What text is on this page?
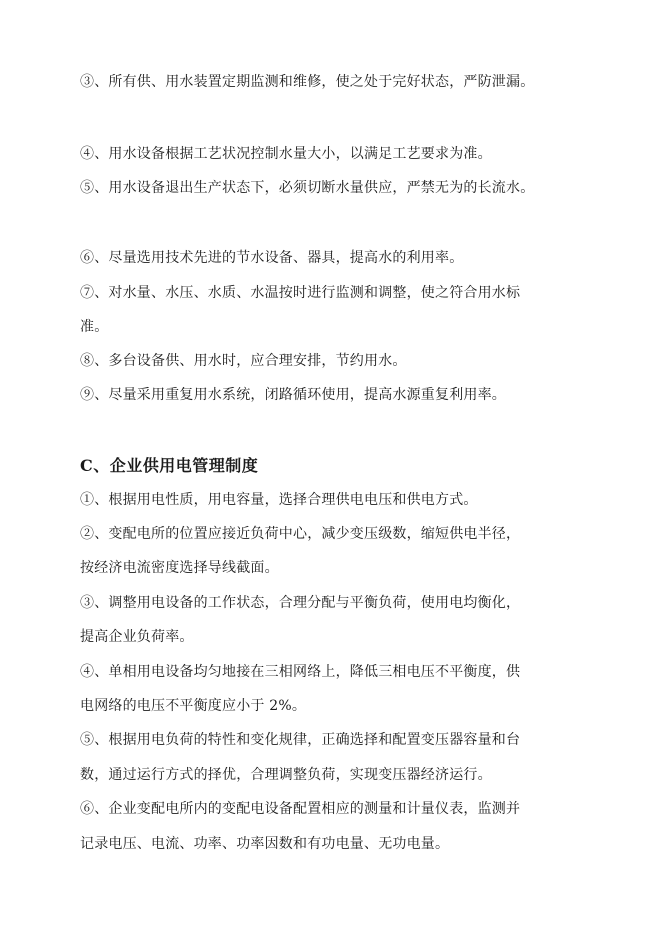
③、所有供、用水装置定期监测和维修，使之处于完好状态，严防泄漏。
④、用水设备根据工艺状况控制水量大小，以满足工艺要求为准。
⑤、用水设备退出生产状态下，必须切断水量供应，严禁无为的长流水。
⑥、尽量选用技术先进的节水设备、器具，提高水的利用率。
⑦、对水量、水压、水质、水温按时进行监测和调整，使之符合用水标
准。
⑧、多台设备供、用水时，应合理安排，节约用水。
⑨、尽量采用重复用水系统，闭路循环使用，提高水源重复利用率。
C、企业供用电管理制度
①、根据用电性质，用电容量，选择合理供电电压和供电方式。
②、变配电所的位置应接近负荷中心，减少变压级数，缩短供电半径，
按经济电流密度选择导线截面。
③、调整用电设备的工作状态，合理分配与平衡负荷，使用电均衡化，
提高企业负荷率。
④、单相用电设备均匀地接在三相网络上，降低三相电压不平衡度，供
电网络的电压不平衡度应小于 2%。
⑤、根据用电负荷的特性和变化规律，正确选择和配置变压器容量和台
数，通过运行方式的择优，合理调整负荷，实现变压器经济运行。
⑥、企业变配电所内的变配电设备配置相应的测量和计量仪表，监测并
记录电压、电流、功率、功率因数和有功电量、无功电量。
